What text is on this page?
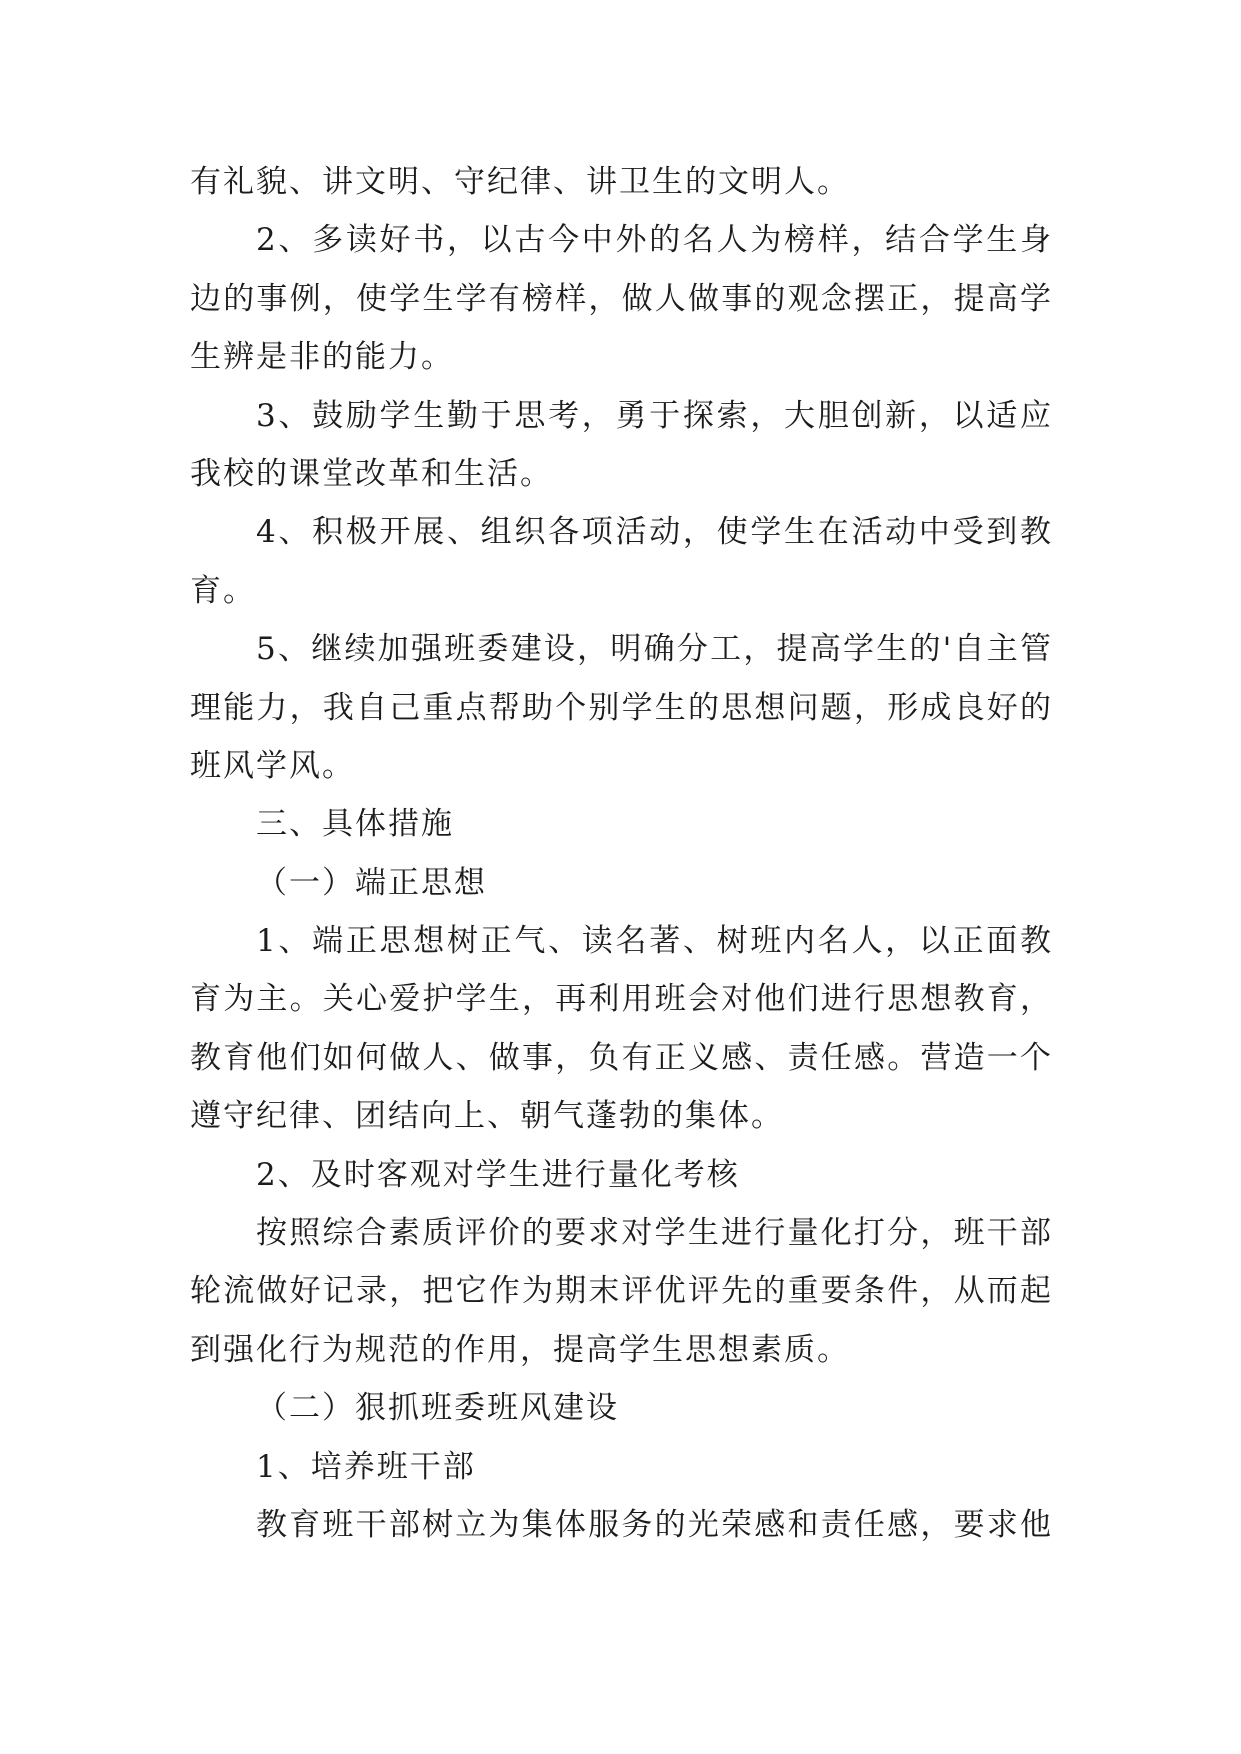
有礼貌、讲文明、守纪律、讲卫生的文明人。

2、多读好书，以古今中外的名人为榜样，结合学生身

边的事例，使学生学有榜样，做人做事的观念摆正，提高学

生辨是非的能力。

3、鼓励学生勤于思考，勇于探索，大胆创新，以适应

我校的课堂改革和生活。

4、积极开展、组织各项活动，使学生在活动中受到教

育。

5、继续加强班委建设，明确分工，提高学生的'自主管

理能力，我自己重点帮助个别学生的思想问题，形成良好的

班风学风。

三、具体措施

（一）端正思想

1、端正思想树正气、读名著、树班内名人，以正面教

育为主。关心爱护学生，再利用班会对他们进行思想教育，

教育他们如何做人、做事，负有正义感、责任感。营造一个

遵守纪律、团结向上、朝气蓬勃的集体。

2、及时客观对学生进行量化考核

按照综合素质评价的要求对学生进行量化打分，班干部

轮流做好记录，把它作为期末评优评先的重要条件，从而起

到强化行为规范的作用，提高学生思想素质。

（二）狠抓班委班风建设

1、培养班干部

教育班干部树立为集体服务的光荣感和责任感，要求他
